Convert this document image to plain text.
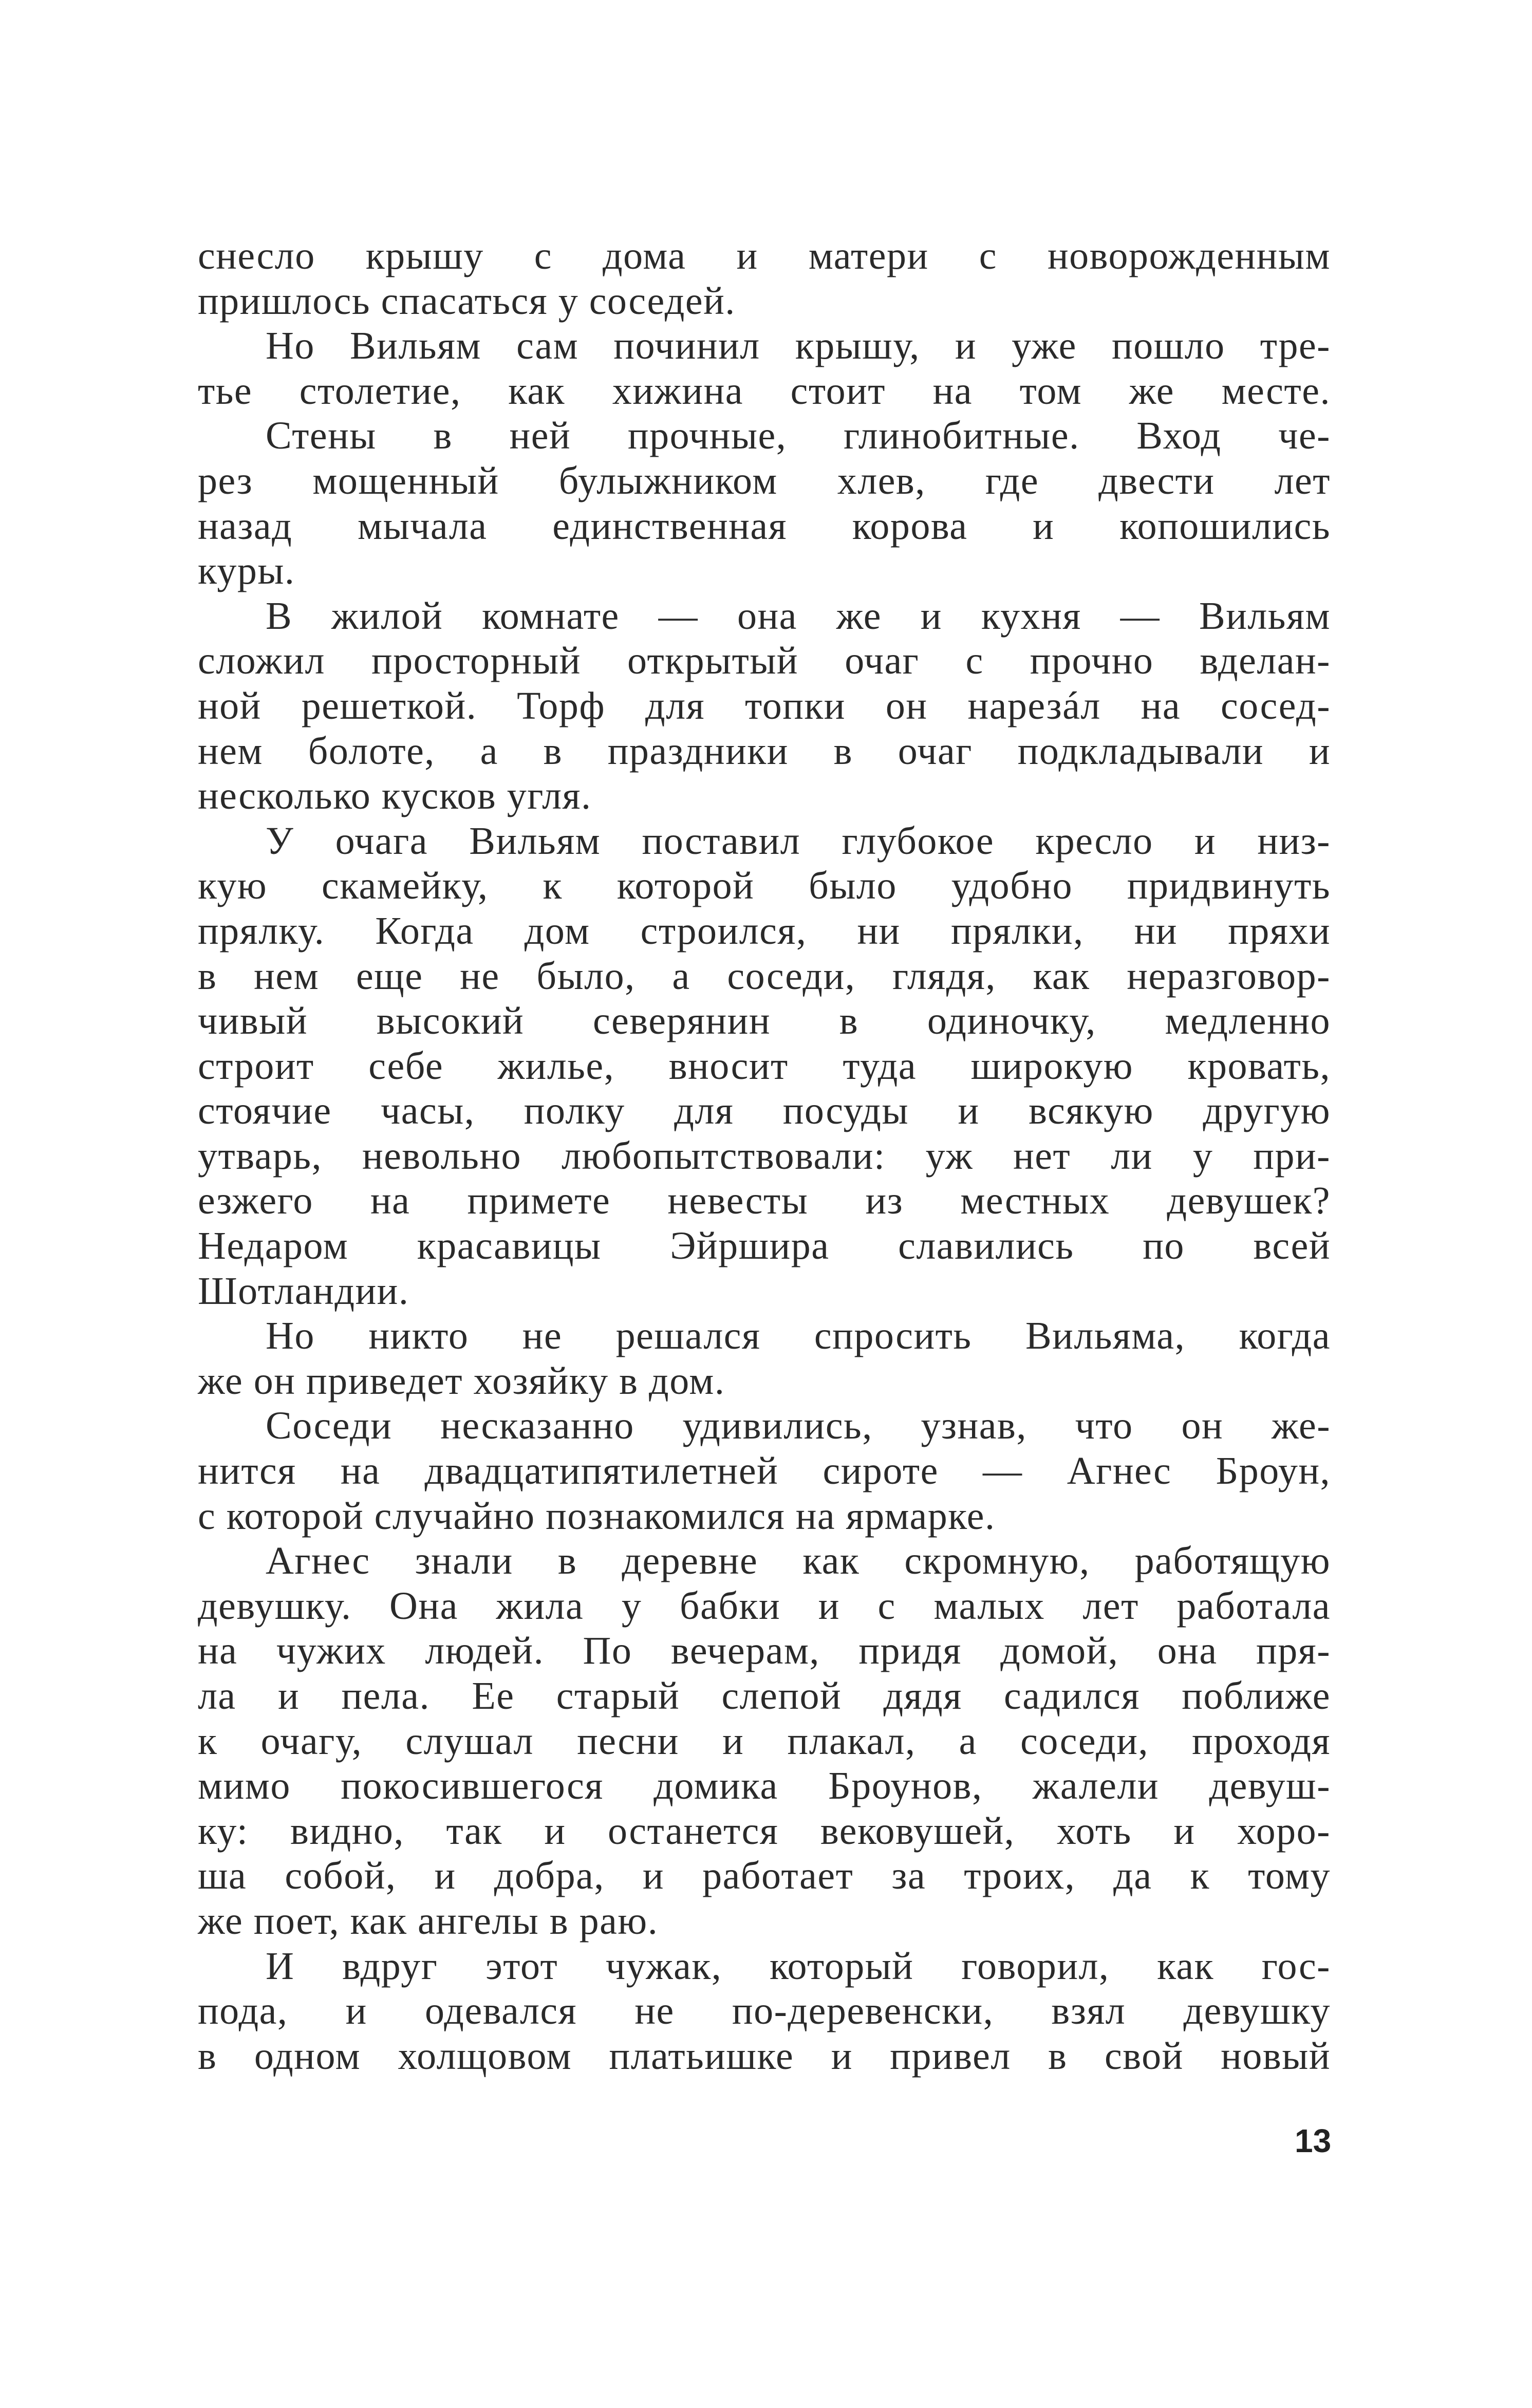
снесло крышу с дома и матери с новорожденным
пришлось спасаться у соседей.
Но Вильям сам починил крышу, и уже пошло тре-
тье столетие, как хижина стоит на том же месте.
Стены в ней прочные, глинобитные. Вход че-
рез мощенный булыжником хлев, где двести лет
назад мычала единственная корова и копошились
куры.
В жилой комнате — она же и кухня — Вильям
сложил просторный открытый очаг с прочно вделан-
ной решеткой. Торф для топки он нарезáл на сосед-
нем болоте, а в праздники в очаг подкладывали и
несколько кусков угля.
У очага Вильям поставил глубокое кресло и низ-
кую скамейку, к которой было удобно придвинуть
прялку. Когда дом строился, ни прялки, ни пряхи
в нем еще не было, а соседи, глядя, как неразговор-
чивый высокий северянин в одиночку, медленно
строит себе жилье, вносит туда широкую кровать,
стоячие часы, полку для посуды и всякую другую
утварь, невольно любопытствовали: уж нет ли у при-
езжего на примете невесты из местных девушек?
Недаром красавицы Эйршира славились по всей
Шотландии.
Но никто не решался спросить Вильяма, когда
же он приведет хозяйку в дом.
Соседи несказанно удивились, узнав, что он же-
нится на двадцатипятилетней сироте — Агнес Броун,
с которой случайно познакомился на ярмарке.
Агнес знали в деревне как скромную, работящую
девушку. Она жила у бабки и с малых лет работала
на чужих людей. По вечерам, придя домой, она пря-
ла и пела. Ее старый слепой дядя садился поближе
к очагу, слушал песни и плакал, а соседи, проходя
мимо покосившегося домика Броунов, жалели девуш-
ку: видно, так и останется вековушей, хоть и хоро-
ша собой, и добра, и работает за троих, да к тому
же поет, как ангелы в раю.
И вдруг этот чужак, который говорил, как гос-
пода, и одевался не по-деревенски, взял девушку
в одном холщовом платьишке и привел в свой новый
13
